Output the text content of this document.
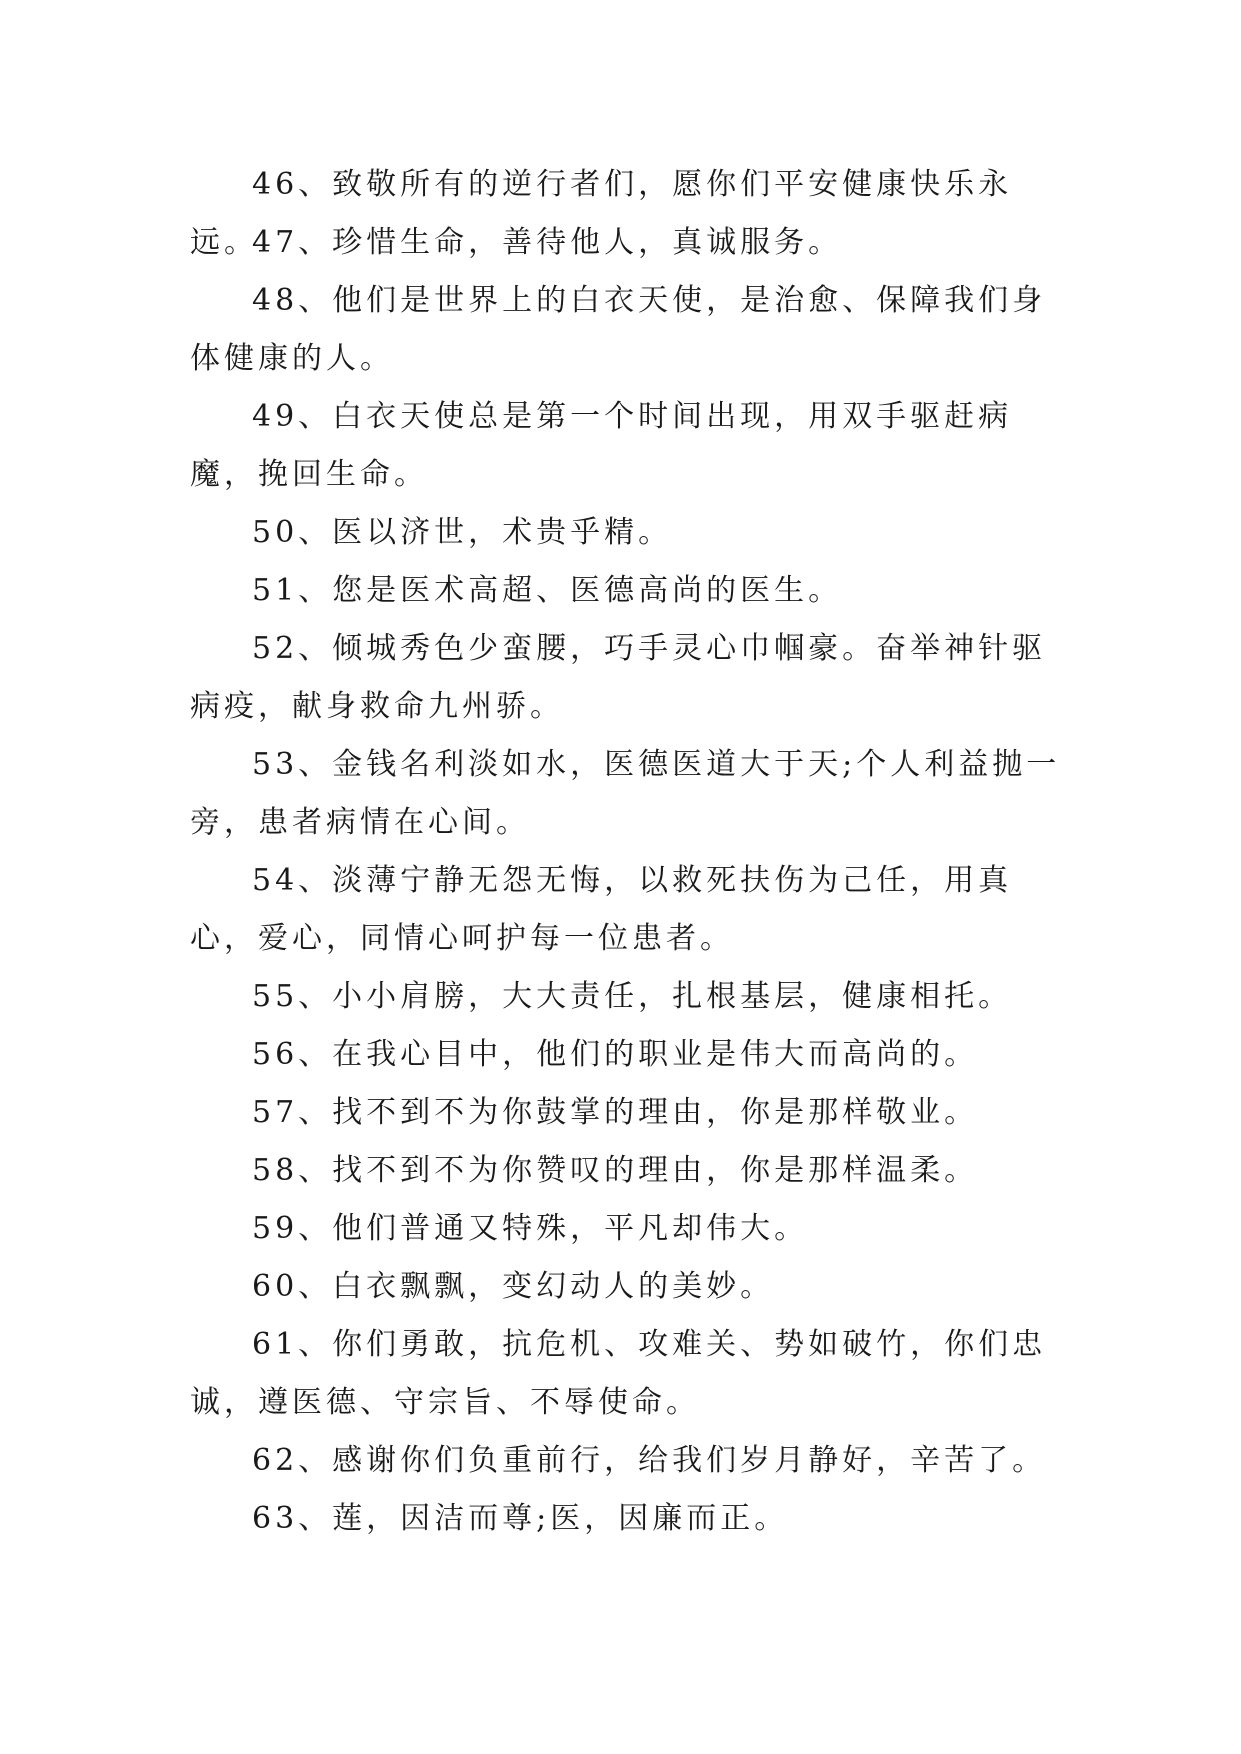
46、致敬所有的逆行者们，愿你们平安健康快乐永远。

47、珍惜生命，善待他人，真诚服务。

48、他们是世界上的白衣天使，是治愈、保障我们身体健康的人。

49、白衣天使总是第一个时间出现，用双手驱赶病魔，挽回生命。

50、医以济世，术贵乎精。

51、您是医术高超、医德高尚的医生。

52、倾城秀色少蛮腰，巧手灵心巾帼豪。奋举神针驱病疫，献身救命九州骄。

53、金钱名利淡如水，医德医道大于天;个人利益抛一旁，患者病情在心间。

54、淡薄宁静无怨无悔，以救死扶伤为己任，用真心，爱心，同情心呵护每一位患者。

55、小小肩膀，大大责任，扎根基层，健康相托。

56、在我心目中，他们的职业是伟大而高尚的。

57、找不到不为你鼓掌的理由，你是那样敬业。

58、找不到不为你赞叹的理由，你是那样温柔。

59、他们普通又特殊，平凡却伟大。

60、白衣飘飘，变幻动人的美妙。

61、你们勇敢，抗危机、攻难关、势如破竹，你们忠诚，遵医德、守宗旨、不辱使命。

62、感谢你们负重前行，给我们岁月静好，辛苦了。

63、莲，因洁而尊;医，因廉而正。
